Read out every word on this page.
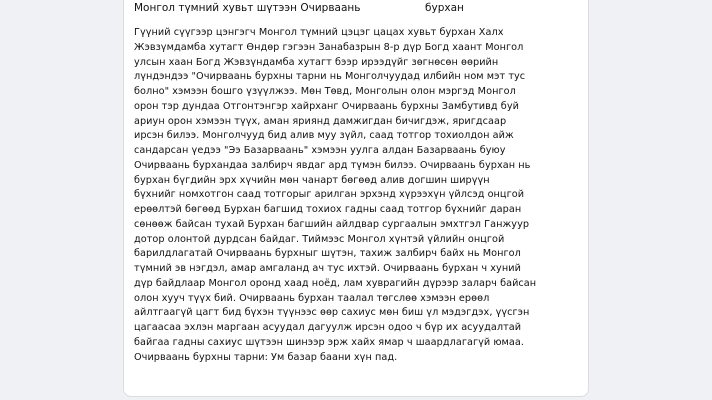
Монгол түмний хувьт шүтээн Очирваань	бурхан
Гүүний сүүгээр цэнгэгч Монгол түмний цэцэг цацах хувьт бурхан Халх
Жэвзүмдамба хутагт Өндөр гэгээн Занабазрын 8-р дүр Богд хаант Монгол
улсын хаан Богд Жэвзүндамба хутагт бээр ирээдүйг зөгнөсөн өөрийн
лүндэндээ "Очирваань бурхны тарни нь Монголчуудад илбийн ном мэт тус
болно" хэмээн бошго үзүүлжээ. Мөн Төвд, Монголын олон мэргэд Монгол
орон тэр дундаа Отгонтэнгэр хайрханг Очирваань бурхны Замбутивд буй
ариун орон хэмээн түүх, аман яриянд дамжигдан бичигдэж, яригдсаар
ирсэн билээ. Монголчууд бид алив муу зүйл, саад тотгор тохиолдон айж
сандарсан үедээ "Ээ Базарваань" хэмээн уулга алдан Базарваань буюу
Очирваань бурхандаа залбирч явдаг ард түмэн билээ. Очирваань бурхан нь
бурхан бүгдийн эрх хүчийн мөн чанарт бөгөөд алив догшин ширүүн
бүхнийг номхотгон саад тотгорыг арилган эрхэнд хүрээхүн үйлсэд онцгой
ерөөлтэй бөгөөд Бурхан багшид тохиох гадны саад тотгор бүхнийг даран
сөнөөж байсан тухай Бурхан багшийн айлдвар сургаалын эмхтгэл Ганжуур
дотор олонтой дурдсан байдаг. Тиймээс Монгол хүнтэй үйлийн онцгой
барилдлагатай Очирваань бурхныг шүтэн, тахиж залбирч байх нь Монгол
түмний эв нэгдэл, амар амгаланд ач тус ихтэй. Очирваань бурхан ч хуний
дүр байдлаар Монгол оронд хаад ноёд, лам хувраг​ийн дүрээр заларч байсан
олон хууч түүх бий. Очирваань бурхан таалал төгслөө хэмээн ерөөл
айлтгаагүй цагт бид бүхэн түүнээс өөр сахиус мөн биш үл мэдэгдэх, үүсгэн
цагаасаа эхлэн маргаан асуудал дагуулж ирсэн одоо ч бүр их асуудалтай
байгаа гадны сахиус шүтээн шинээр эрж хайх ямар ч шаардлагагүй юмаа.
Очирваань бурхны тарни: Ум базар баани хүн пад.
